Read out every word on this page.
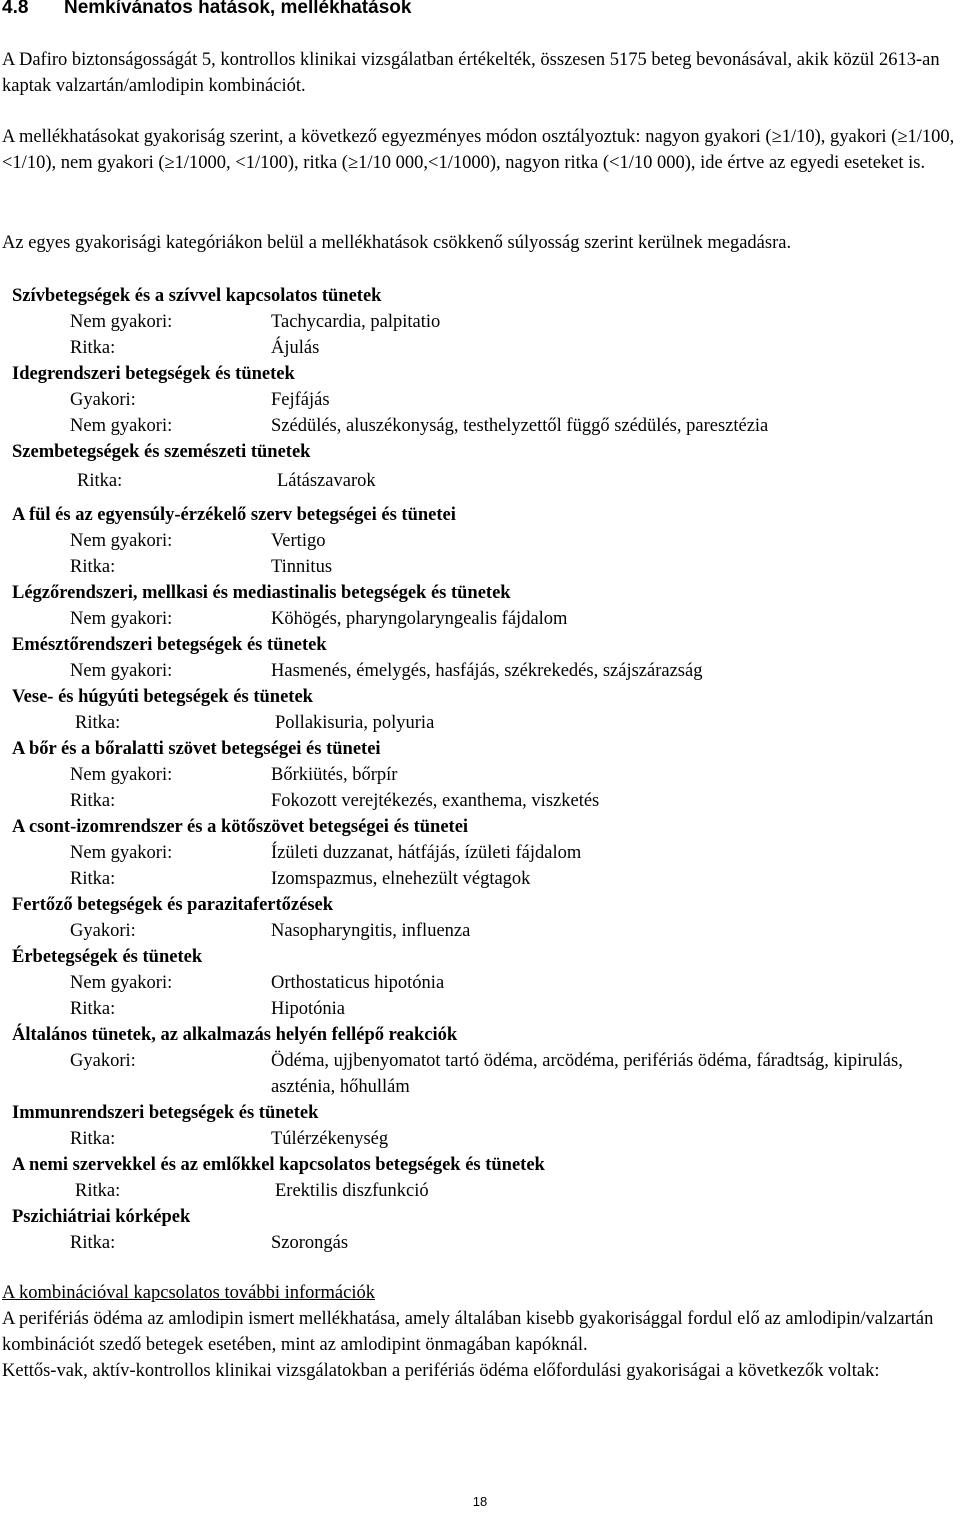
4.8 Nemkívánatos hatások, mellékhatások

A Dafiro biztonságosságát 5, kontrollos klinikai vizsgálatban értékelték, összesen 5175 beteg bevonásával, akik közül 2613-an kaptak valzartán/amlodipin kombinációt.

A mellékhatásokat gyakoriság szerint, a következő egyezményes módon osztályoztuk: nagyon gyakori (≥1/10), gyakori (≥1/100, <1/10), nem gyakori (≥1/1000, <1/100), ritka (≥1/10 000,<1/1000), nagyon ritka (<1/10 000), ide értve az egyedi eseteket is.

Az egyes gyakorisági kategóriákon belül a mellékhatások csökkenő súlyosság szerint kerülnek megadásra.

Szívbetegségek és a szívvel kapcsolatos tünetek
Nem gyakori:	Tachycardia, palpitatio
Ritka:	Ájulás
Idegrendszeri betegségek és tünetek
Gyakori:	Fejfájás
Nem gyakori:	Szédülés, aluszékonyság, testhelyzettől függő szédülés, paresztézia
Szembetegségek és szemészeti tünetek
Ritka:	Látászavarok
A fül és az egyensúly-érzékelő szerv betegségei és tünetei
Nem gyakori:	Vertigo
Ritka:	Tinnitus
Légzőrendszeri, mellkasi és mediastinalis betegségek és tünetek
Nem gyakori:	Köhögés, pharyngolaryngealis fájdalom
Emésztőrendszeri betegségek és tünetek
Nem gyakori:	Hasmenés, émelygés, hasfájás, székrekedés, szájszárazság
Vese- és húgyúti betegségek és tünetek
Ritka:	Pollakisuria, polyuria
A bőr és a bőralatti szövet betegségei és tünetei
Nem gyakori:	Bőrkiütés, bőrpír
Ritka:	Fokozott verejtékezés, exanthema, viszketés
A csont-izomrendszer és a kötőszövet betegségei és tünetei
Nem gyakori:	Ízületi duzzanat, hátfájás, ízületi fájdalom
Ritka:	Izomspazmus, elnehezült végtagok
Fertőző betegségek és parazitafertőzések
Gyakori:	Nasopharyngitis, influenza
Érbetegségek és tünetek
Nem gyakori:	Orthostaticus hipotónia
Ritka:	Hipotónia
Általános tünetek, az alkalmazás helyén fellépő reakciók
Gyakori:	Ödéma, ujjbenyomatot tartó ödéma, arcödéma, perifériás ödéma, fáradtság, kipirulás, aszténia, hőhullám
Immunrendszeri betegségek és tünetek
Ritka:	Túlérzékenység
A nemi szervekkel és az emlőkkel kapcsolatos betegségek és tünetek
Ritka:	Erektilis diszfunkció
Pszichiátriai kórképek
Ritka:	Szorongás

A kombinációval kapcsolatos további információk

A perifériás ödéma az amlodipin ismert mellékhatása, amely általában kisebb gyakorisággal fordul elő az amlodipin/valzartán kombinációt szedő betegek esetében, mint az amlodipint önmagában kapóknál.

Kettős-vak, aktív-kontrollos klinikai vizsgálatokban a perifériás ödéma előfordulási gyakoriságai a következők voltak:

18
